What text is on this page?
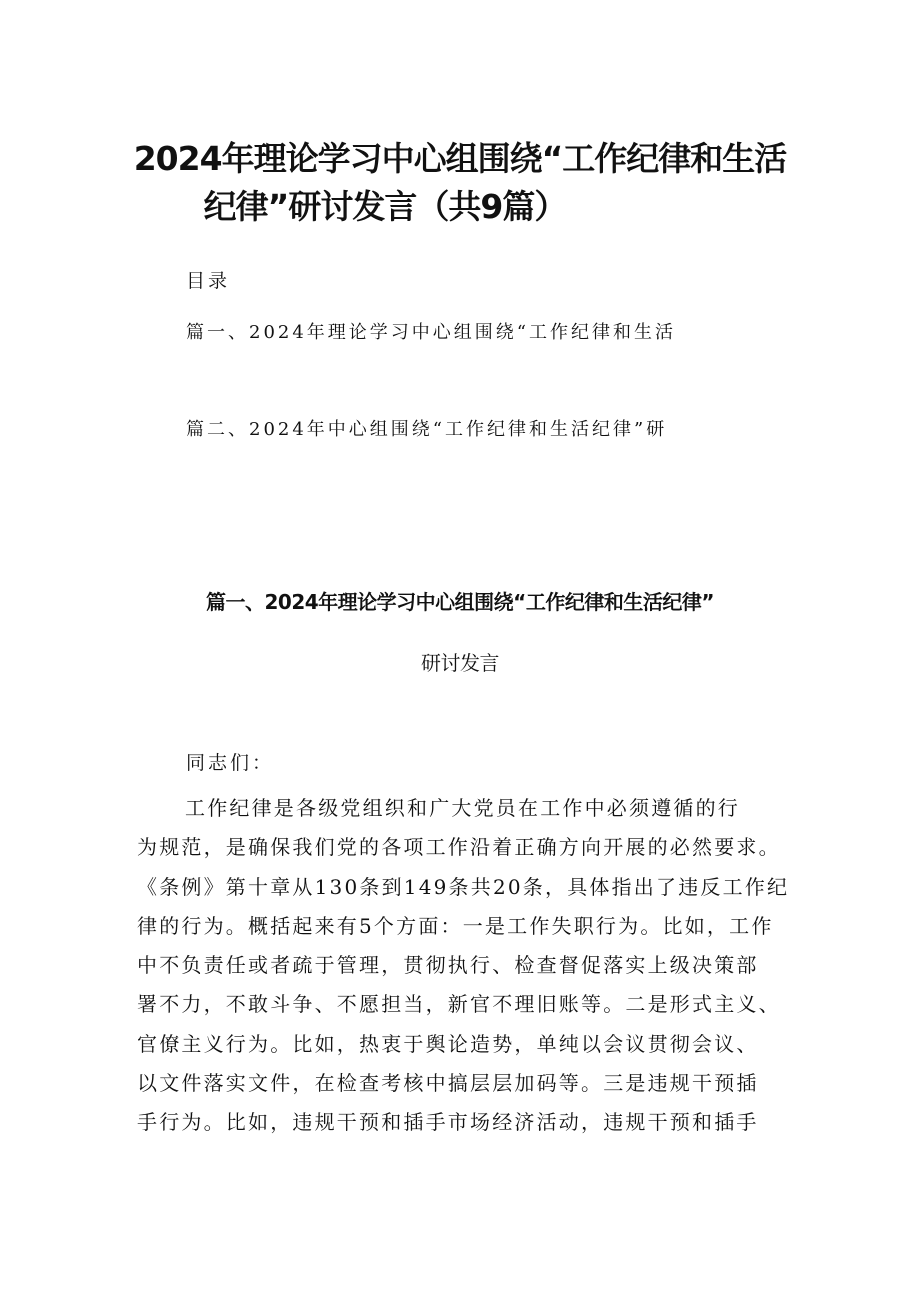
2024年理论学习中心组围绕“工作纪律和生活
纪律”研讨发言（共9篇）
目录
篇一、2024年理论学习中心组围绕“工作纪律和生活
篇二、2024年中心组围绕“工作纪律和生活纪律”研
篇一、2024年理论学习中心组围绕“工作纪律和生活纪律”
研讨发言
同志们：
工作纪律是各级党组织和广大党员在工作中必须遵循的行
为规范，是确保我们党的各项工作沿着正确方向开展的必然要求。
《条例》第十章从130条到149条共20条，具体指出了违反工作纪
律的行为。概括起来有5个方面：一是工作失职行为。比如，工作
中不负责任或者疏于管理，贯彻执行、检查督促落实上级决策部
署不力，不敢斗争、不愿担当，新官不理旧账等。二是形式主义、
官僚主义行为。比如，热衷于舆论造势，单纯以会议贯彻会议、
以文件落实文件，在检查考核中搞层层加码等。三是违规干预插
手行为。比如，违规干预和插手市场经济活动，违规干预和插手
